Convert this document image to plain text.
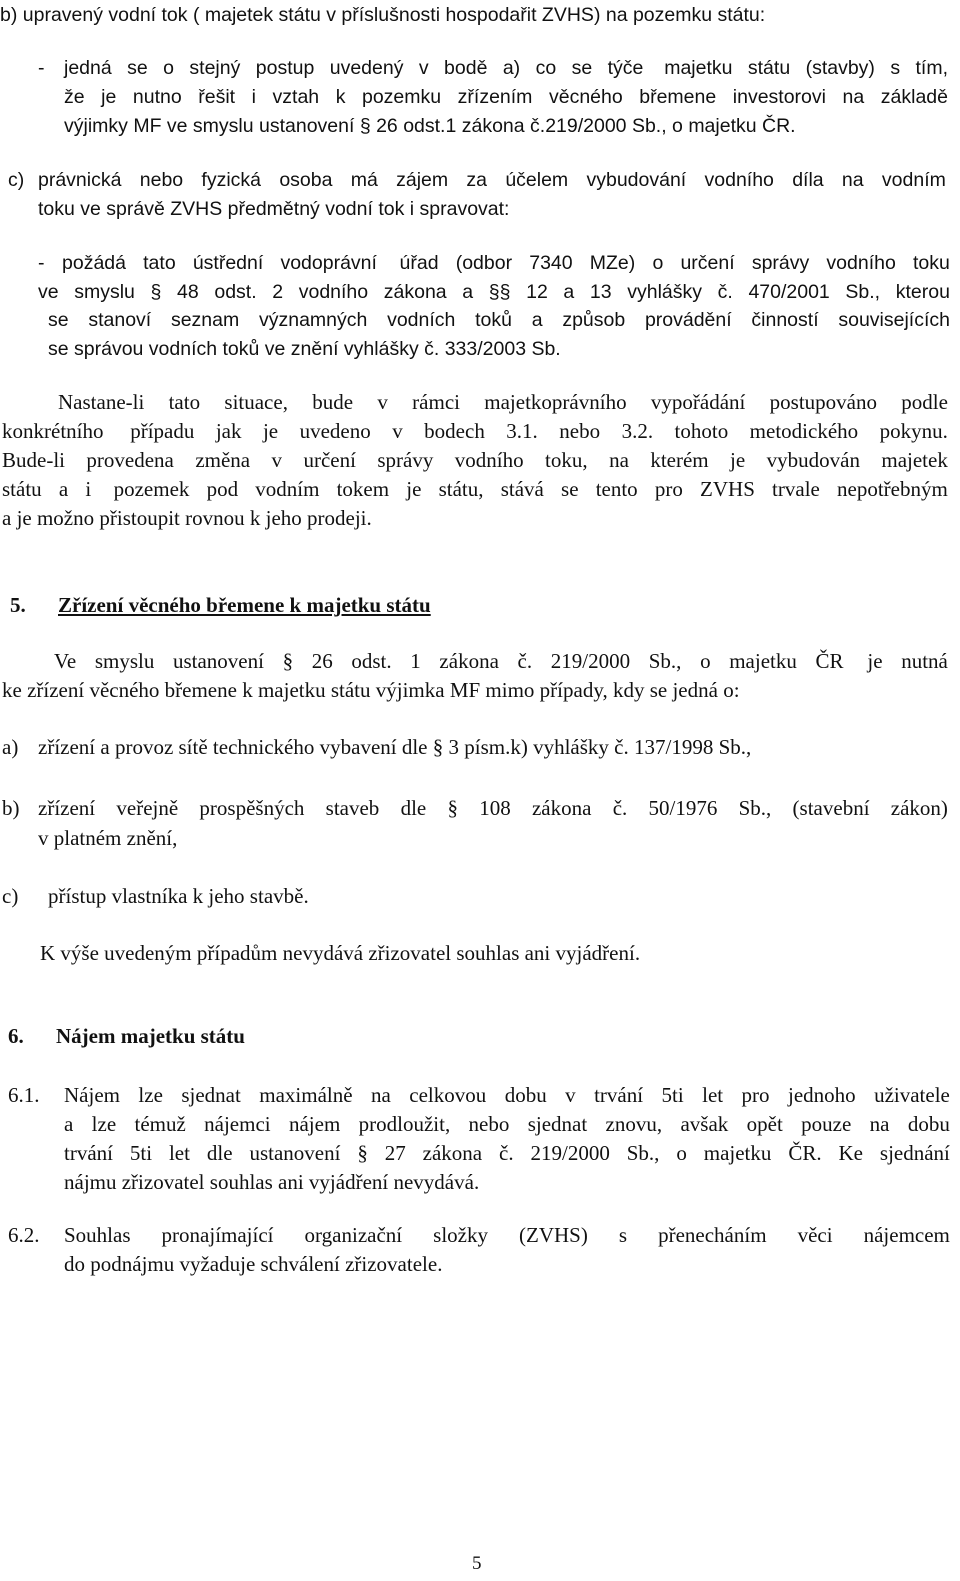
b) upravený vodní tok ( majetek státu v příslušnosti hospodařit ZVHS) na pozemku státu:
- jedná se o stejný postup uvedený v bodě a) co se týče majetku státu (stavby) s tím,
že je nutno řešit i vztah k pozemku zřízením věcného břemene investorovi na základě
výjimky MF ve smyslu ustanovení § 26 odst.1 zákona č.219/2000 Sb., o majetku ČR.
c) právnická nebo fyzická osoba má zájem za účelem vybudování vodního díla na vodním
toku ve správě ZVHS předmětný vodní tok i spravovat:
- požádá tato ústřední vodoprávní úřad (odbor 7340 MZe) o určení správy vodního toku
ve smyslu § 48 odst. 2 vodního zákona a §§ 12 a 13 vyhlášky č. 470/2001 Sb., kterou
se stanoví seznam významných vodních toků a způsob provádění činností souvisejících
se správou vodních toků ve znění vyhlášky č. 333/2003 Sb.
Nastane-li tato situace, bude v rámci majetkoprávního vypořádání postupováno podle
konkrétního případu jak je uvedeno v bodech 3.1. nebo 3.2. tohoto metodického pokynu.
Bude-li provedena změna v určení správy vodního toku, na kterém je vybudován majetek
státu a i pozemek pod vodním tokem je státu, stává se tento pro ZVHS trvale nepotřebným
a je možno přistoupit rovnou k jeho prodeji.
5. Zřízení věcného břemene k majetku státu
Ve smyslu ustanovení § 26 odst. 1 zákona č. 219/2000 Sb., o majetku ČR je nutná
ke zřízení věcného břemene k majetku státu výjimka MF mimo případy, kdy se jedná o:
a) zřízení a provoz sítě technického vybavení dle § 3 písm.k) vyhlášky č. 137/1998 Sb.,
b) zřízení veřejně prospěšných staveb dle § 108 zákona č. 50/1976 Sb., (stavební zákon)
v platném znění,
c) přístup vlastníka k jeho stavbě.
K výše uvedeným případům nevydává zřizovatel souhlas ani vyjádření.
6. Nájem majetku státu
6.1. Nájem lze sjednat maximálně na celkovou dobu v trvání 5ti let pro jednoho uživatele
a lze témuž nájemci nájem prodloužit, nebo sjednat znovu, avšak opět pouze na dobu
trvání 5ti let dle ustanovení § 27 zákona č. 219/2000 Sb., o majetku ČR. Ke sjednání
nájmu zřizovatel souhlas ani vyjádření nevydává.
6.2. Souhlas pronajímající organizační složky (ZVHS) s přenecháním věci nájemcem
do podnájmu vyžaduje schválení zřizovatele.
5
